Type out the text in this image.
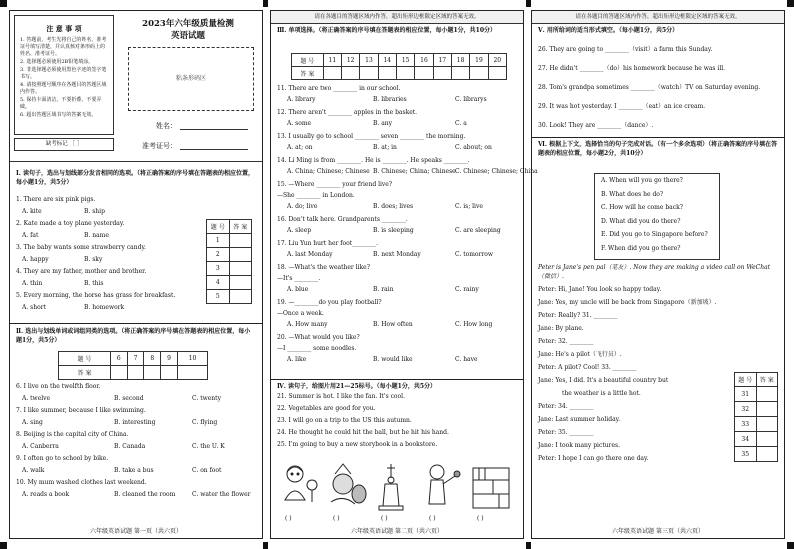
注 意 事 项
1. 答题前，考生先将自己的姓名、准考证号填写清楚，并认真核对条形码上的姓名、准考证号。
2. 选择题必须使用2B铅笔填涂。
3. 非选择题必须使用黑色字迹的签字笔书写。
4. 请按照题号顺序在各题目的答题区域内作答。
5. 保持卡面清洁，不要折叠、不要弄破。
6. 超出答题区域书写的答案无效。
缺考标记 ［ ］
2023年六年级质量检测
英语试题
粘条形码区
姓名：
准考证号：
Ⅰ. 读句子，选出与划线部分发音相同的选项。（将正确答案的序号填在答题表的相应位置，每小题1分，共5分）
1. There are six pink pigs.
A. kite	B. ship
2. Kate made a toy plane yesterday.
A. fat	B. name
3. The baby wants some strawberry candy.
A. happy	B. sky
4. They are my father, mother and brother.
A. thin	B. this
5. Every morning, the horse has grass for breakfast.
A. short	B. homework
题 号	答 案
1	
2	
3	
4	
5	
Ⅱ. 选出与划线单词或词组同类的选项。（将正确答案的序号填在答题表的相应位置，每小题1分，共5分）
题 号	6	7	8	9	10
答 案					
6. I live on the twelfth floor.
A. twelve	B. second	C. twenty
7. I like summer, because I like swimming.
A. sing	B. interesting	C. flying
8. Beijing is the capital city of China.
A. Canberra	B. Canada	C. the U. K
9. I often go to school by bike.
A. walk	B. take a bus	C. on foot
10. My mum washed clothes last weekend.
A. reads a book	B. cleaned the room	C. water the flower
六年级英语试题 第一页（共六页）
请在各题目的答题区域内作答，超出矩形边框限定区域的答案无效。
Ⅲ. 单项选择。（将正确答案的序号填在答题表的相应位置，每小题1分，共10分）
题 号	11	12	13	14	15	16	17	18	19	20
答 案										
11. There are two ________ in our school.
A. library	B. libraries	C. librarys
12. There aren't ________ apples in the basket.
A. some	B. any	C. a
13. I usually go to school ________ seven ________ the morning.
A. at; on	B. at; in	C. about; on
14. Li Ming is from ________. He is ________. He speaks ________.
A. China; Chinese; Chinese B. Chinese; China; Chinese C. Chinese; Chinese; China
15. —Where ________ your friend live?
—She ________ in London.
A. do; live	B. does; lives	C. is; live
16. Don't talk here. Grandparents ________.
A. sleep	B. is sleeping	C. are sleeping
17. Liu Yun hurt her foot________.
A. last Monday	B. next Monday	C. tomorrow
18. —What's the weather like?
—It's ________.
A. blue	B. rain	C. rainy
19. —________do you play football?
—Once a week.
A. How many	B. How often	C. How long
20. —What would you like?
—I ________ some noodles.
A. like	B. would like	C. have
Ⅳ. 读句子，给图片用21—25标号。（每小题1分，共5分）
21. Summer is hot. I like the fan. It's cool.
22. Vegetables are good for you.
23. I will go on a trip to the US this autumn.
24. He thought he could hit the ball, but he hit his hand.
25. I'm going to buy a new storybook in a bookstore.
( )	( )	( )	( )	( )
六年级英语试题 第二页（共六页）
请在各题目的答题区域内作答，超出矩形边框限定区域的答案无效。
Ⅴ. 用所给词的适当形式填空。（每小题1分，共5分）
26. They are going to ________（visit）a farm this Sunday.
27. He didn't ________（do）his homework because he was ill.
28. Tom's grandpa sometimes ________（watch）TV on Saturday evening.
29. It was hot yesterday. I ________（eat）an ice cream.
30. Look! They are ________（dance）.
Ⅵ. 根据上下文，选择恰当的句子完成对话。（有一个多余选项）（将正确答案的序号填在答题表的相应位置，每小题2分，共10分）
A. When will you go there?
B. What does he do?
C. How will he come back?
D. What did you do there?
E. Did you go to Singapore before?
F. When did you go there?
Peter is Jane's pen pal（笔友）. Now they are making a video call on WeChat（微信）.
Peter: Hi, Jane! You look so happy today.
Jane: Yes, my uncle will be back from Singapore（新加坡）.
Peter: Really? 31. ________
Jane: By plane.
Peter: 32. ________
Jane: He's a pilot（飞行员）.
Peter: A pilot? Cool! 33. ________
Jane: Yes, I did. It's a beautiful country but
the weather is a little hot.
Peter: 34. ________
Jane: Last summer holiday.
Peter: 35. ________
Jane: I took many pictures.
Peter: I hope I can go there one day.
题 号	答 案
31	
32	
33	
34	
35	
六年级英语试题 第三页（共六页）
